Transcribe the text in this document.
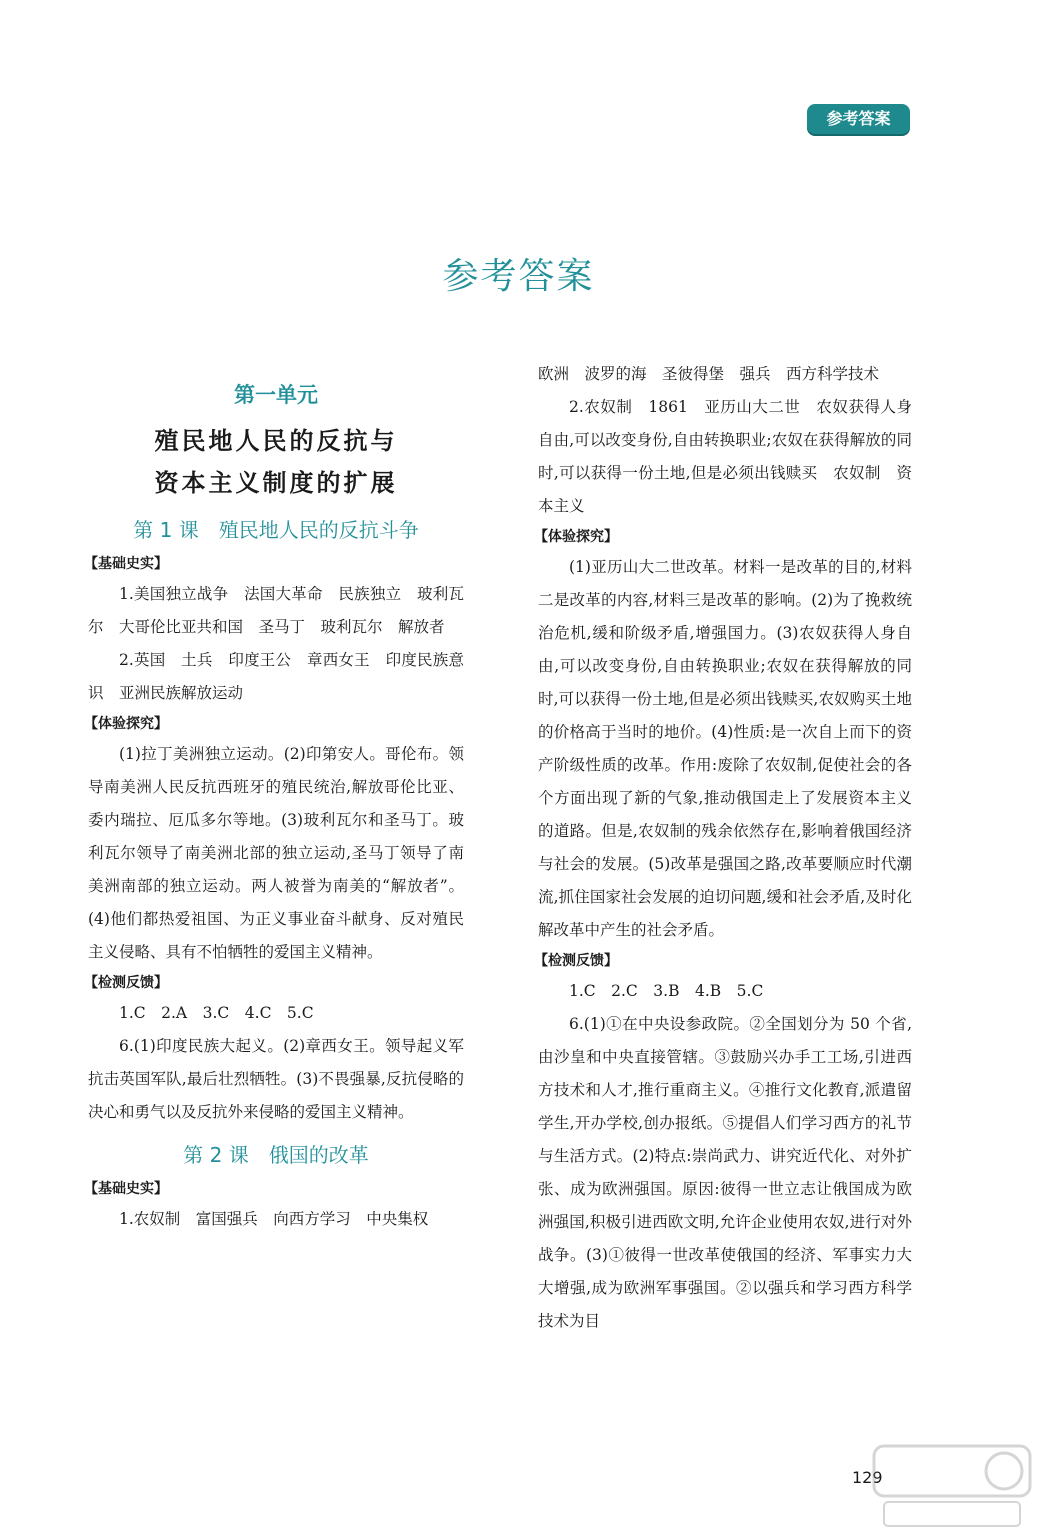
参考答案
参考答案
第一单元
殖民地人民的反抗与
资本主义制度的扩展
第 1 课　殖民地人民的反抗斗争
【基础史实】

1.美国独立战争　法国大革命　民族独立　玻利瓦尔　大哥伦比亚共和国　圣马丁　玻利瓦尔　解放者

2.英国　土兵　印度王公　章西女王　印度民族意识　亚洲民族解放运动

【体验探究】

(1)拉丁美洲独立运动。(2)印第安人。哥伦布。领导南美洲人民反抗西班牙的殖民统治,解放哥伦比亚、委内瑞拉、厄瓜多尔等地。(3)玻利瓦尔和圣马丁。玻利瓦尔领导了南美洲北部的独立运动,圣马丁领导了南美洲南部的独立运动。两人被誉为南美的“解放者”。(4)他们都热爱祖国、为正义事业奋斗献身、反对殖民主义侵略、具有不怕牺牲的爱国主义精神。

【检测反馈】

1.C　2.A　3.C　4.C　5.C

6.(1)印度民族大起义。(2)章西女王。领导起义军抗击英国军队,最后壮烈牺牲。(3)不畏强暴,反抗侵略的决心和勇气以及反抗外来侵略的爱国主义精神。

第 2 课　俄国的改革
【基础史实】

1.农奴制　富国强兵　向西方学习　中央集权

欧洲　波罗的海　圣彼得堡　强兵　西方科学技术

2.农奴制　1861　亚历山大二世　农奴获得人身自由,可以改变身份,自由转换职业;农奴在获得解放的同时,可以获得一份土地,但是必须出钱赎买　农奴制　资本主义

【体验探究】

(1)亚历山大二世改革。材料一是改革的目的,材料二是改革的内容,材料三是改革的影响。(2)为了挽救统治危机,缓和阶级矛盾,增强国力。(3)农奴获得人身自由,可以改变身份,自由转换职业;农奴在获得解放的同时,可以获得一份土地,但是必须出钱赎买,农奴购买土地的价格高于当时的地价。(4)性质:是一次自上而下的资产阶级性质的改革。作用:废除了农奴制,促使社会的各个方面出现了新的气象,推动俄国走上了发展资本主义的道路。但是,农奴制的残余依然存在,影响着俄国经济与社会的发展。(5)改革是强国之路,改革要顺应时代潮流,抓住国家社会发展的迫切问题,缓和社会矛盾,及时化解改革中产生的社会矛盾。

【检测反馈】

1.C　2.C　3.B　4.B　5.C

6.(1)①在中央设参政院。②全国划分为 50 个省,由沙皇和中央直接管辖。③鼓励兴办手工工场,引进西方技术和人才,推行重商主义。④推行文化教育,派遣留学生,开办学校,创办报纸。⑤提倡人们学习西方的礼节与生活方式。(2)特点:崇尚武力、讲究近代化、对外扩张、成为欧洲强国。原因:彼得一世立志让俄国成为欧洲强国,积极引进西欧文明,允许企业使用农奴,进行对外战争。(3)①彼得一世改革使俄国的经济、军事实力大大增强,成为欧洲军事强国。②以强兵和学习西方科学技术为目

129
